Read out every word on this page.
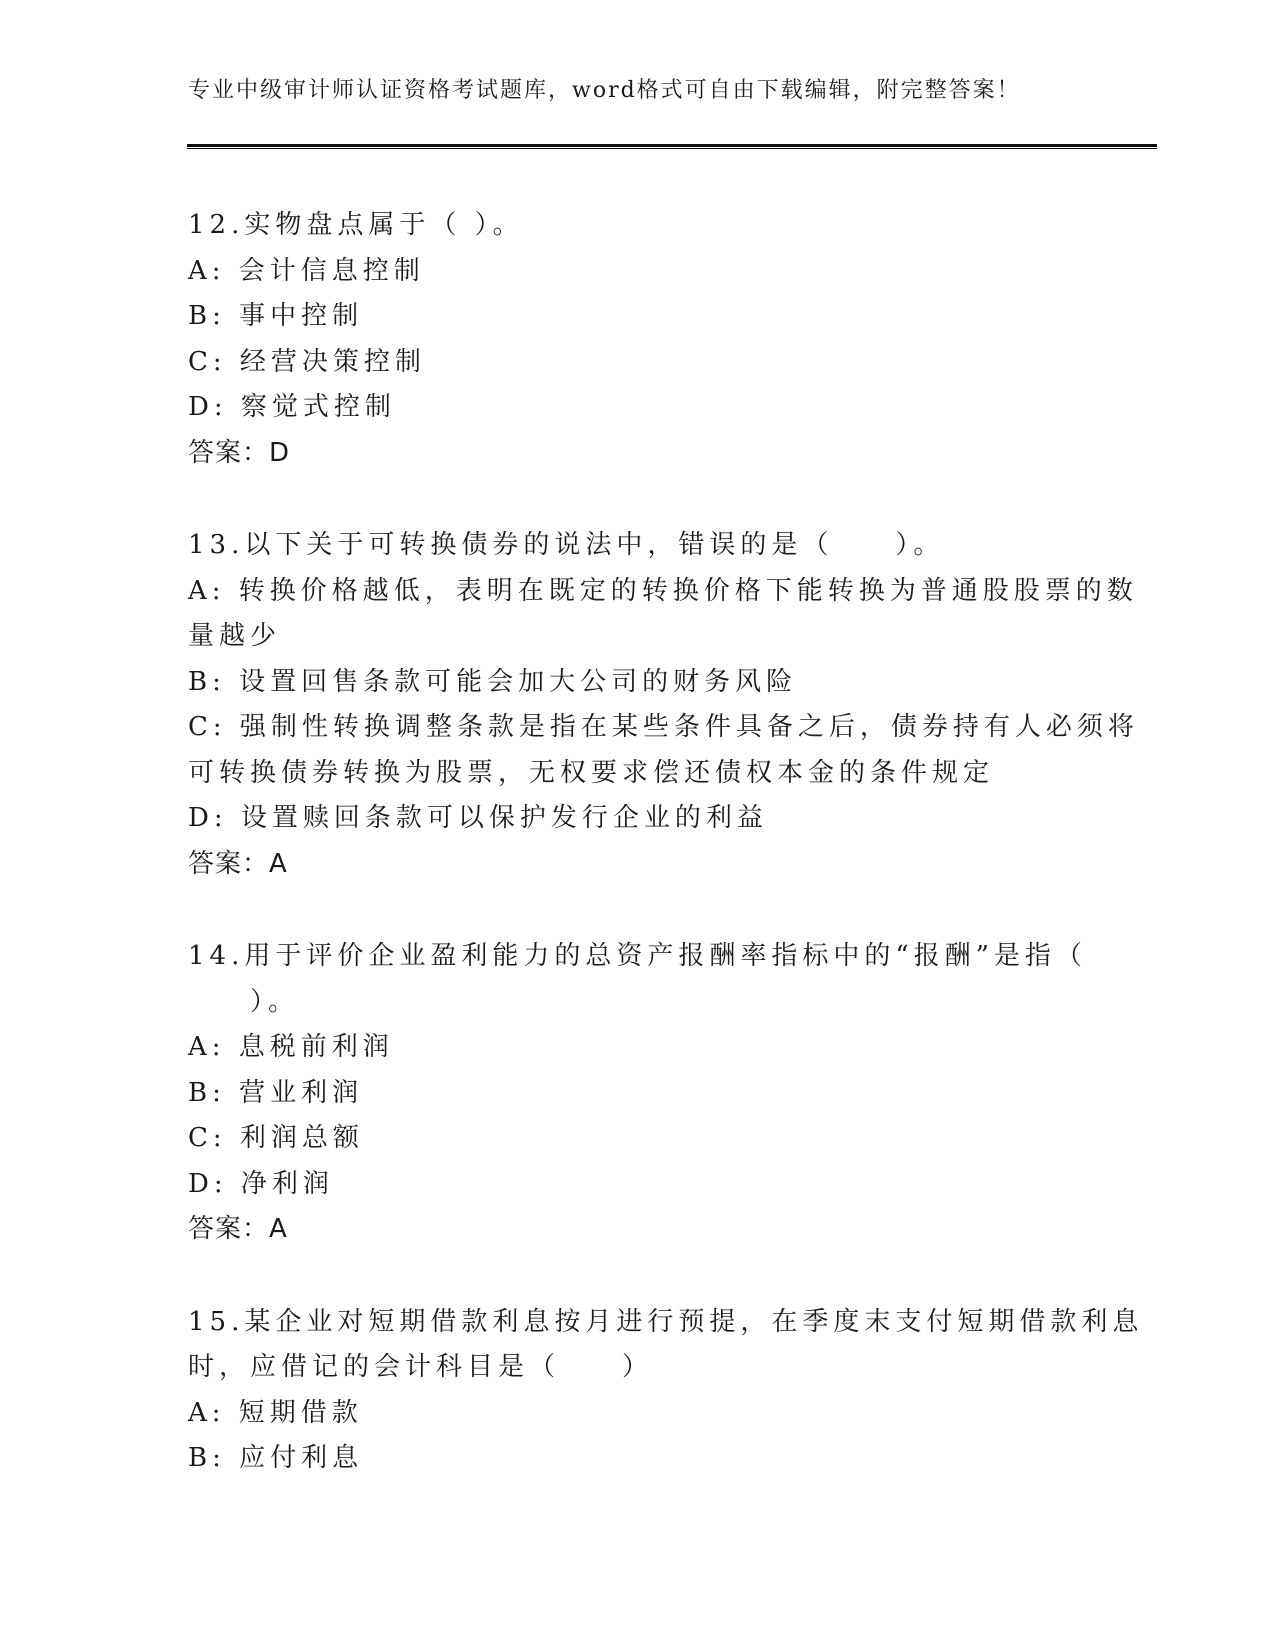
专业中级审计师认证资格考试题库，word格式可自由下载编辑，附完整答案！
12.实物盘点属于（ ）。
A: 会计信息控制
B: 事中控制
C: 经营决策控制
D: 察觉式控制
答案：D
13.以下关于可转换债券的说法中，错误的是（　　）。
A: 转换价格越低，表明在既定的转换价格下能转换为普通股股票的数
量越少
B: 设置回售条款可能会加大公司的财务风险
C: 强制性转换调整条款是指在某些条件具备之后，债券持有人必须将
可转换债券转换为股票，无权要求偿还债权本金的条件规定
D: 设置赎回条款可以保护发行企业的利益
答案：A
14.用于评价企业盈利能力的总资产报酬率指标中的“报酬”是指（
　　）。
A: 息税前利润
B: 营业利润
C: 利润总额
D: 净利润
答案：A
15.某企业对短期借款利息按月进行预提，在季度末支付短期借款利息
时，应借记的会计科目是（　　）
A: 短期借款
B: 应付利息
